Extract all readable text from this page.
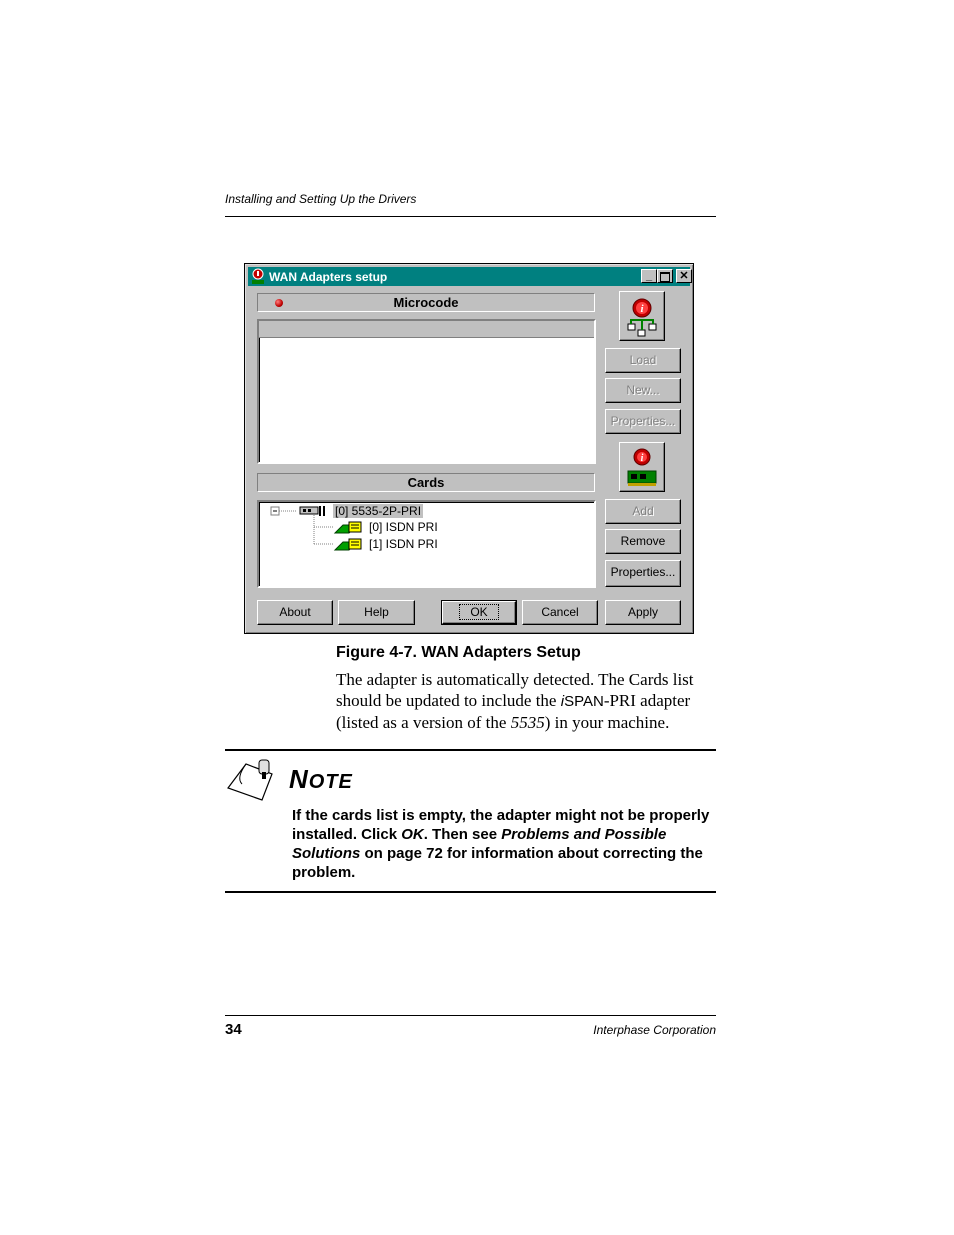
Installing and Setting Up the Drivers
WAN Adapters setup	_	✕
Microcode	i
Load
New...
Properties...
i
Cards
[0] 5535-2P-PRI
[0] ISDN PRI
[1] ISDN PRI
Add
Remove
Properties...
About	Help	OK	Cancel	Apply
Figure 4-7. WAN Adapters Setup
The adapter is automatically detected. The Cards list should be updated to include the iSPAN-PRI adapter (listed as a version of the 5535) in your machine.
NOTE
If the cards list is empty, the adapter might not be properly installed. Click OK. Then see Problems and Possible Solutions on page 72 for information about correcting the problem.
34	Interphase Corporation
